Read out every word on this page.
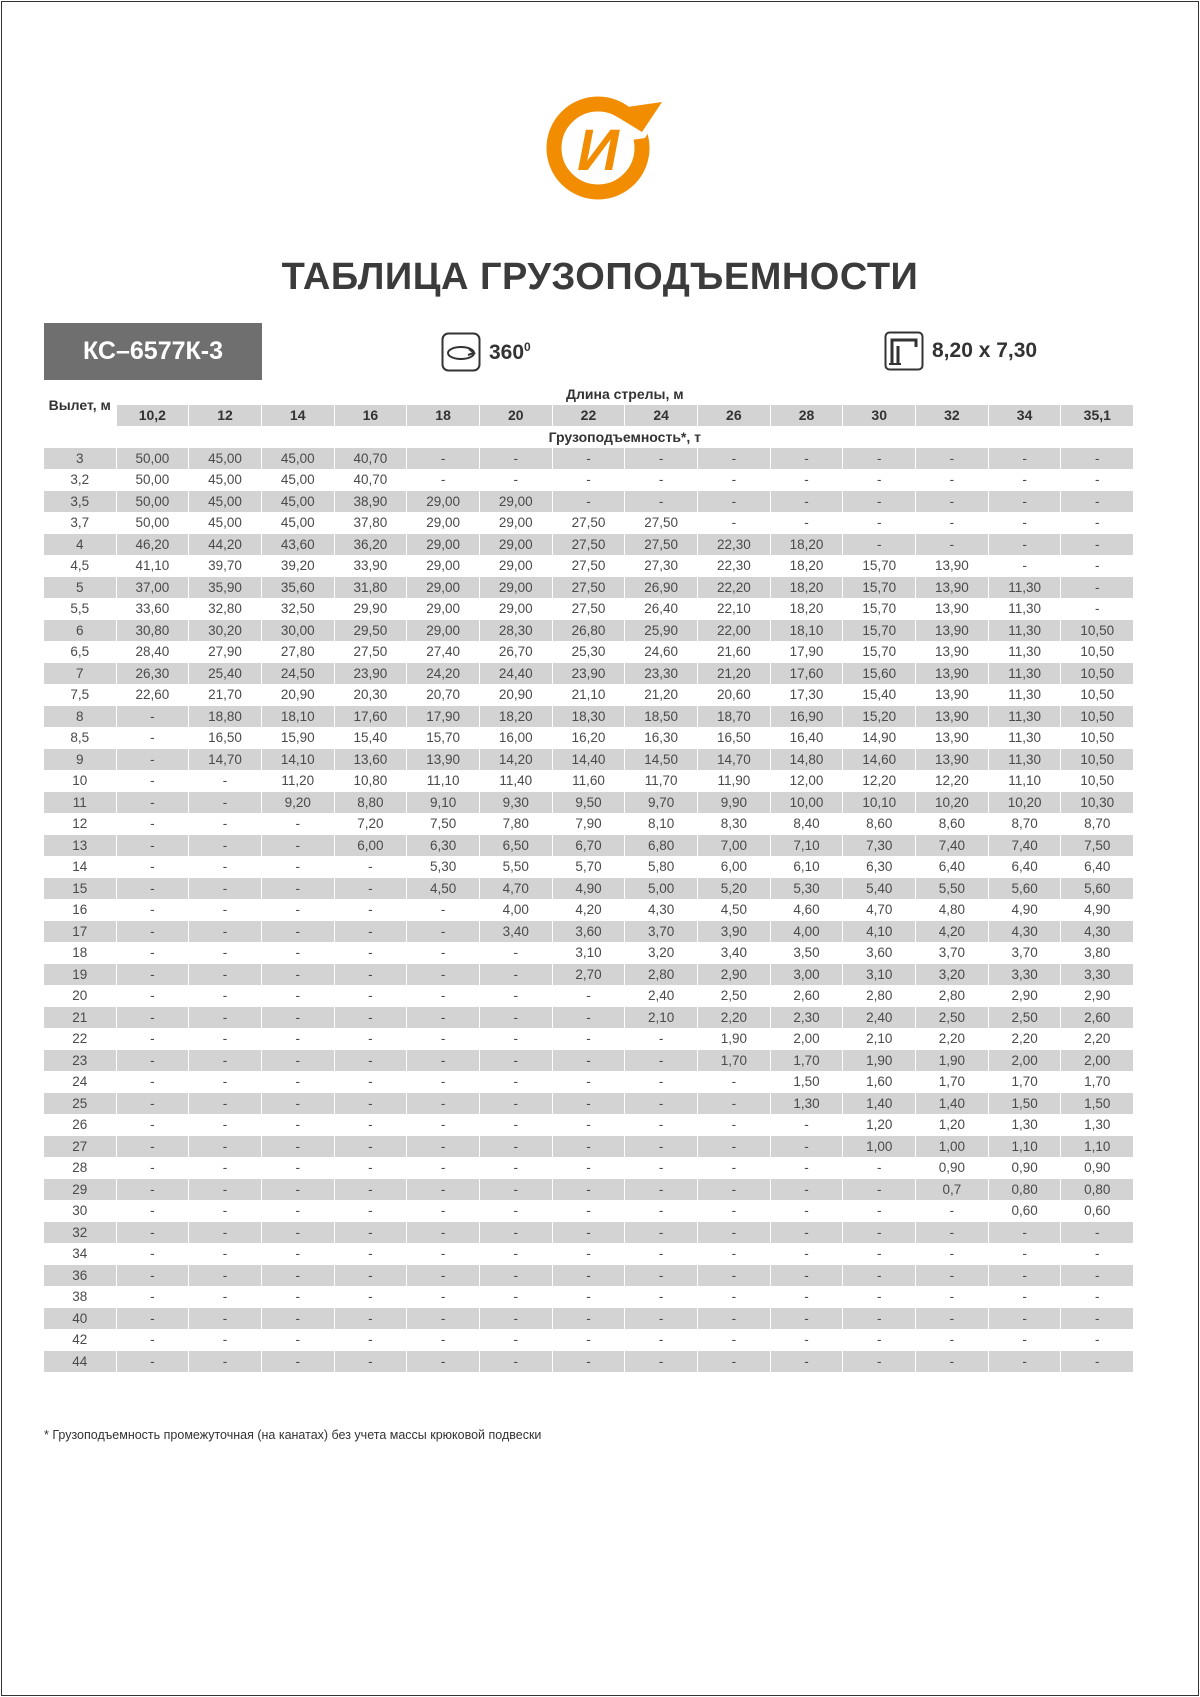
И
ТАБЛИЦА ГРУЗОПОДЪЕМНОСТИ
КС–6577К-3	$360^0$	8,20 х 7,30
Вылет, м	Длина стрелы, м													
	10,2	12	14	16	18	20	22	24	26	28	30	32	34	35,1
	Грузоподъемность*, т													
3	50,00	45,00	45,00	40,70	-	-	-	-	-	-	-	-	-	-
3,2	50,00	45,00	45,00	40,70	-	-	-	-	-	-	-	-	-	-
3,5	50,00	45,00	45,00	38,90	29,00	29,00	-	-	-	-	-	-	-	-
3,7	50,00	45,00	45,00	37,80	29,00	29,00	27,50	27,50	-	-	-	-	-	-
4	46,20	44,20	43,60	36,20	29,00	29,00	27,50	27,50	22,30	18,20	-	-	-	-
4,5	41,10	39,70	39,20	33,90	29,00	29,00	27,50	27,30	22,30	18,20	15,70	13,90	-	-
5	37,00	35,90	35,60	31,80	29,00	29,00	27,50	26,90	22,20	18,20	15,70	13,90	11,30	-
5,5	33,60	32,80	32,50	29,90	29,00	29,00	27,50	26,40	22,10	18,20	15,70	13,90	11,30	-
6	30,80	30,20	30,00	29,50	29,00	28,30	26,80	25,90	22,00	18,10	15,70	13,90	11,30	10,50
6,5	28,40	27,90	27,80	27,50	27,40	26,70	25,30	24,60	21,60	17,90	15,70	13,90	11,30	10,50
7	26,30	25,40	24,50	23,90	24,20	24,40	23,90	23,30	21,20	17,60	15,60	13,90	11,30	10,50
7,5	22,60	21,70	20,90	20,30	20,70	20,90	21,10	21,20	20,60	17,30	15,40	13,90	11,30	10,50
8	-	18,80	18,10	17,60	17,90	18,20	18,30	18,50	18,70	16,90	15,20	13,90	11,30	10,50
8,5	-	16,50	15,90	15,40	15,70	16,00	16,20	16,30	16,50	16,40	14,90	13,90	11,30	10,50
9	-	14,70	14,10	13,60	13,90	14,20	14,40	14,50	14,70	14,80	14,60	13,90	11,30	10,50
10	-	-	11,20	10,80	11,10	11,40	11,60	11,70	11,90	12,00	12,20	12,20	11,10	10,50
11	-	-	9,20	8,80	9,10	9,30	9,50	9,70	9,90	10,00	10,10	10,20	10,20	10,30
12	-	-	-	7,20	7,50	7,80	7,90	8,10	8,30	8,40	8,60	8,60	8,70	8,70
13	-	-	-	6,00	6,30	6,50	6,70	6,80	7,00	7,10	7,30	7,40	7,40	7,50
14	-	-	-	-	5,30	5,50	5,70	5,80	6,00	6,10	6,30	6,40	6,40	6,40
15	-	-	-	-	4,50	4,70	4,90	5,00	5,20	5,30	5,40	5,50	5,60	5,60
16	-	-	-	-	-	4,00	4,20	4,30	4,50	4,60	4,70	4,80	4,90	4,90
17	-	-	-	-	-	3,40	3,60	3,70	3,90	4,00	4,10	4,20	4,30	4,30
18	-	-	-	-	-	-	3,10	3,20	3,40	3,50	3,60	3,70	3,70	3,80
19	-	-	-	-	-	-	2,70	2,80	2,90	3,00	3,10	3,20	3,30	3,30
20	-	-	-	-	-	-	-	2,40	2,50	2,60	2,80	2,80	2,90	2,90
21	-	-	-	-	-	-	-	2,10	2,20	2,30	2,40	2,50	2,50	2,60
22	-	-	-	-	-	-	-	-	1,90	2,00	2,10	2,20	2,20	2,20
23	-	-	-	-	-	-	-	-	1,70	1,70	1,90	1,90	2,00	2,00
24	-	-	-	-	-	-	-	-	-	1,50	1,60	1,70	1,70	1,70
25	-	-	-	-	-	-	-	-	-	1,30	1,40	1,40	1,50	1,50
26	-	-	-	-	-	-	-	-	-	-	1,20	1,20	1,30	1,30
27	-	-	-	-	-	-	-	-	-	-	1,00	1,00	1,10	1,10
28	-	-	-	-	-	-	-	-	-	-	-	0,90	0,90	0,90
29	-	-	-	-	-	-	-	-	-	-	-	0,7	0,80	0,80
30	-	-	-	-	-	-	-	-	-	-	-	-	0,60	0,60
32	-	-	-	-	-	-	-	-	-	-	-	-	-	-
34	-	-	-	-	-	-	-	-	-	-	-	-	-	-
36	-	-	-	-	-	-	-	-	-	-	-	-	-	-
38	-	-	-	-	-	-	-	-	-	-	-	-	-	-
40	-	-	-	-	-	-	-	-	-	-	-	-	-	-
42	-	-	-	-	-	-	-	-	-	-	-	-	-	-
44	-	-	-	-	-	-	-	-	-	-	-	-	-	-
* Грузоподъемность промежуточная (на канатах) без учета массы крюковой подвески
